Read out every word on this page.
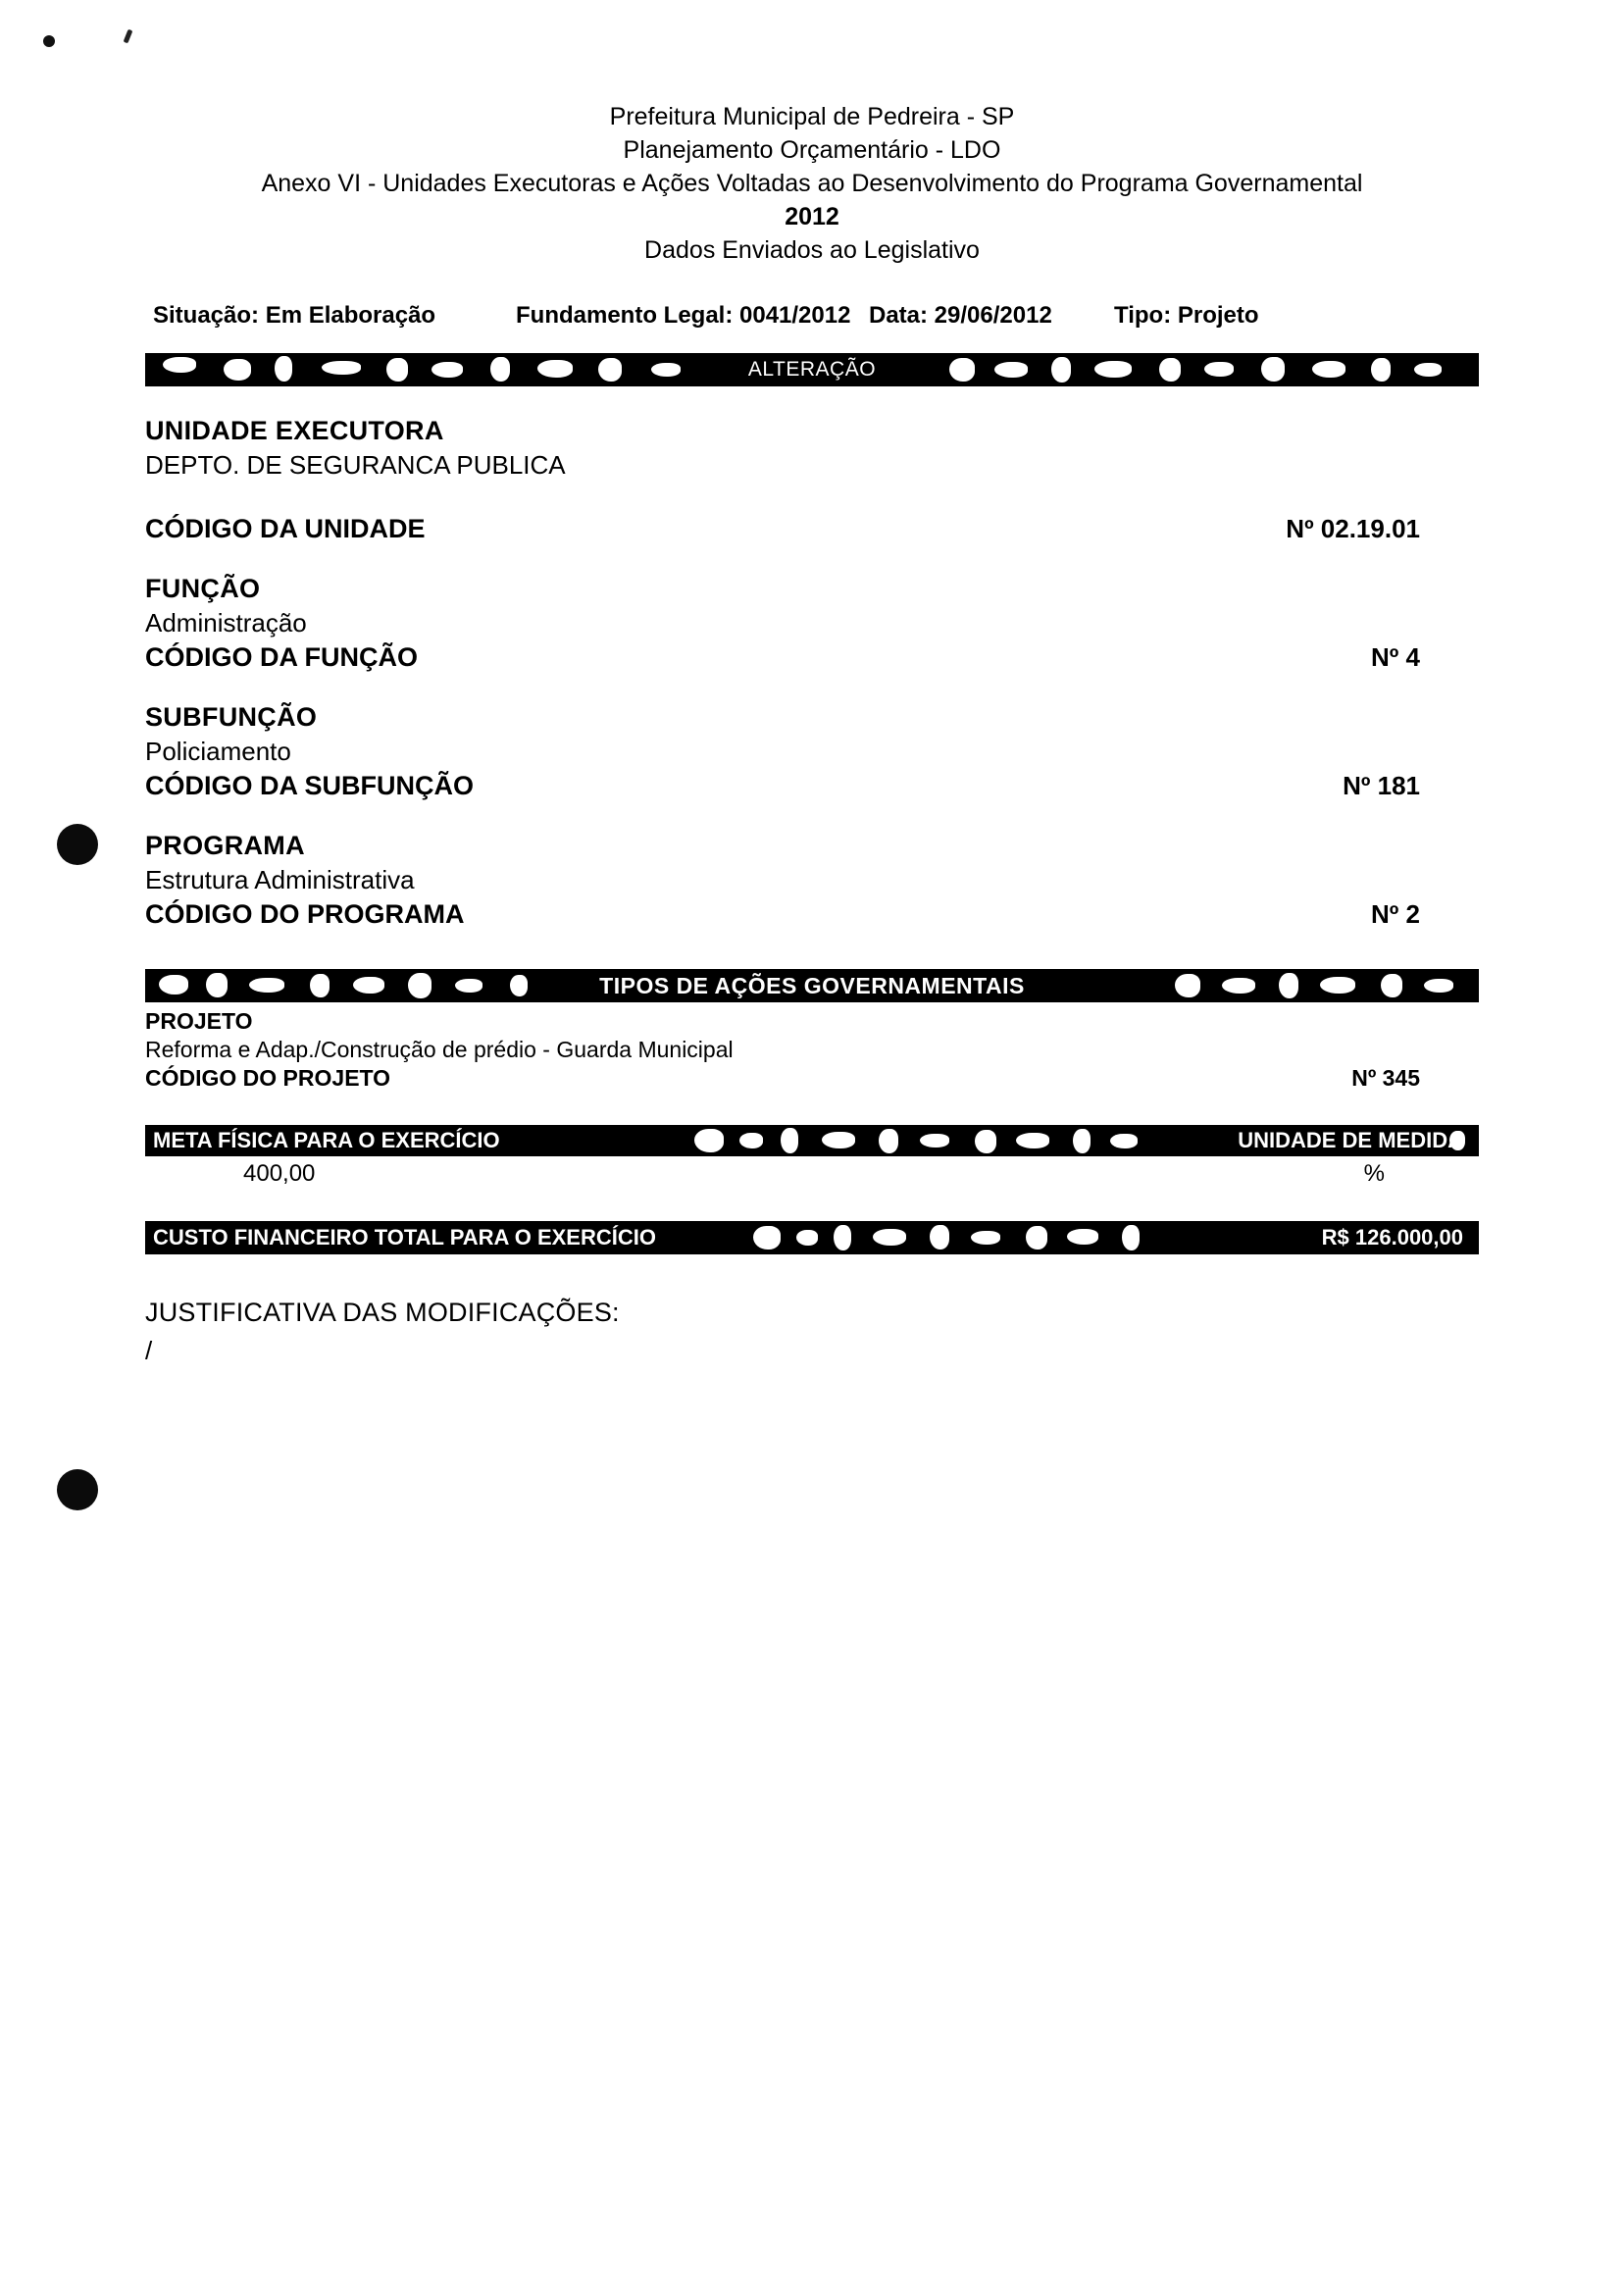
Prefeitura Municipal de Pedreira - SP
Planejamento Orçamentário - LDO
Anexo VI - Unidades Executoras e Ações Voltadas ao Desenvolvimento do Programa Governamental
2012
Dados Enviados ao Legislativo
Situação: Em Elaboração	Fundamento Legal: 0041/2012 Data: 29/06/2012	Tipo: Projeto
ALTERAÇÃO
UNIDADE EXECUTORA
DEPTO. DE SEGURANCA PUBLICA
CÓDIGO DA UNIDADE	Nº 02.19.01
FUNÇÃO
Administração
CÓDIGO DA FUNÇÃO	Nº 4
SUBFUNÇÃO
Policiamento
CÓDIGO DA SUBFUNÇÃO	Nº 181
PROGRAMA
Estrutura Administrativa
CÓDIGO DO PROGRAMA	Nº 2
TIPOS DE AÇÕES GOVERNAMENTAIS
PROJETO
Reforma e Adap./Construção de prédio - Guarda Municipal
CÓDIGO DO PROJETO	Nº 345
META FÍSICA PARA O EXERCÍCIO	UNIDADE DE MEDIDA
400,00	%
CUSTO FINANCEIRO TOTAL PARA O EXERCÍCIO	R$ 126.000,00
JUSTIFICATIVA DAS MODIFICAÇÕES:
/
